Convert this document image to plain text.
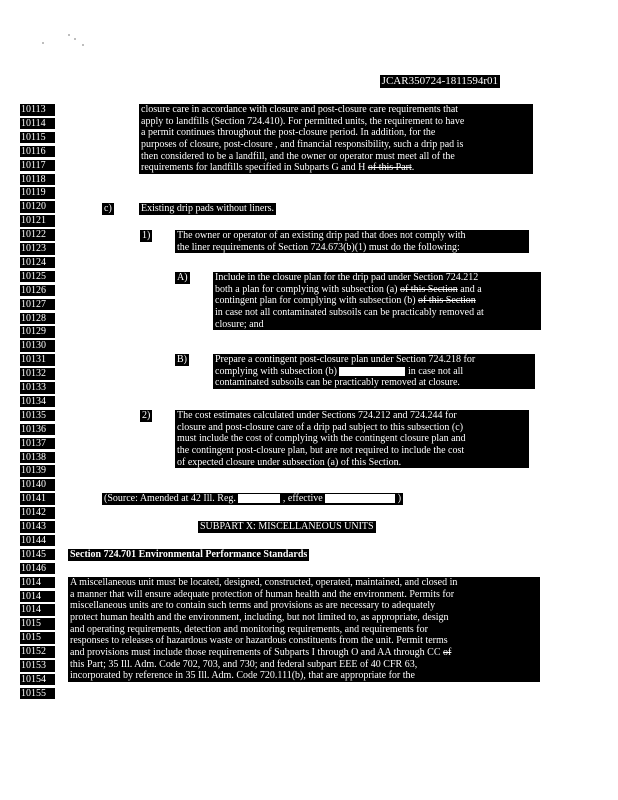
JCAR350724-1811594r01
10113
10114
10115
10116
10117
10118
10119
10120
10121
10122
10123
10124
10125
10126
10127
10128
10129
10130
10131
10132
10133
10134
10135
10136
10137
10138
10139
10140
10141
10142
10143
10144
10145
10146
1014
1014
1014
1015
1015
10152
10153
10154
10155
closure care in accordance with closure and post-closure care requirements that
apply to landfills (Section 724.410). For permitted units, the requirement to have
a permit continues throughout the post-closure period. In addition, for the
purposes of closure, post-closure , and financial responsibility, such a drip pad is
then considered to be a landfill, and the owner or operator must meet all of the
requirements for landfills specified in Subparts G and H of this Part.
c)	Existing drip pads without liners.
1)	The owner or operator of an existing drip pad that does not comply with
the liner requirements of Section 724.673(b)(1) must do the following:
A)	Include in the closure plan for the drip pad under Section 724.212
both a plan for complying with subsection (a) of this Section and a
contingent plan for complying with subsection (b) of this Section
in case not all contaminated subsoils can be practicably removed at
closure; and
B)	Prepare a contingent post-closure plan under Section 724.218 for
complying with subsection (b)	in case not all
contaminated subsoils can be practicably removed at closure.
2)	The cost estimates calculated under Sections 724.212 and 724.244 for
closure and post-closure care of a drip pad subject to this subsection (c)
must include the cost of complying with the contingent closure plan and
the contingent post-closure plan, but are not required to include the cost
of expected closure under subsection (a) of this Section.
(Source: Amended at 42 Ill. Reg.	, effective	)
SUBPART X: MISCELLANEOUS UNITS
Section 724.701 Environmental Performance Standards
A miscellaneous unit must be located, designed, constructed, operated, maintained, and closed in
a manner that will ensure adequate protection of human health and the environment. Permits for
miscellaneous units are to contain such terms and provisions as are necessary to adequately
protect human health and the environment, including, but not limited to, as appropriate, design
and operating requirements, detection and monitoring requirements, and requirements for
responses to releases of hazardous waste or hazardous constituents from the unit. Permit terms
and provisions must include those requirements of Subparts I through O and AA through CC of
this Part; 35 Ill. Adm. Code 702, 703, and 730; and federal subpart EEE of 40 CFR 63,
incorporated by reference in 35 Ill. Adm. Code 720.111(b), that are appropriate for the
